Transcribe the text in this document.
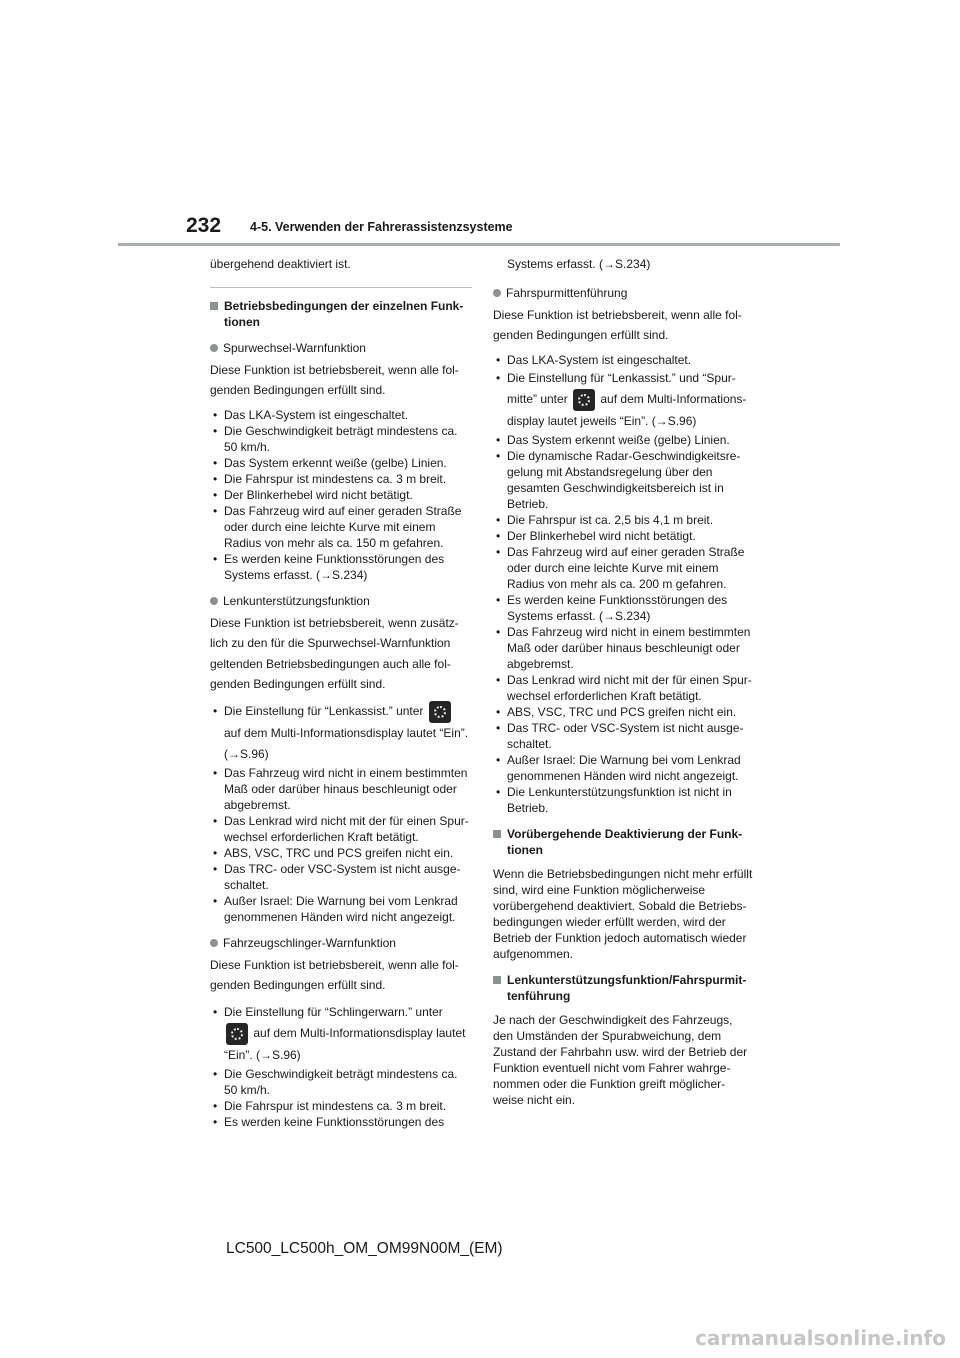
232 4-5. Verwenden der Fahrerassistenzsysteme

übergehend deaktiviert ist.

Betriebsbedingungen der einzelnen Funk-tionen
Spurwechsel-Warnfunktion

Diese Funktion ist betriebsbereit, wenn alle fol-genden Bedingungen erfüllt sind.

• Das LKA-System ist eingeschaltet.
• Die Geschwindigkeit beträgt mindestens ca. 50 km/h.
• Das System erkennt weiße (gelbe) Linien.
• Die Fahrspur ist mindestens ca. 3 m breit.
• Der Blinkerhebel wird nicht betätigt.
• Das Fahrzeug wird auf einer geraden Straße oder durch eine leichte Kurve mit einem Radius von mehr als ca. 150 m gefahren.
• Es werden keine Funktionsstörungen des Systems erfasst. (→S.234)
Lenkunterstützungsfunktion

Diese Funktion ist betriebsbereit, wenn zusätz-lich zu den für die Spurwechsel-Warnfunktion geltenden Betriebsbedingungen auch alle fol-genden Bedingungen erfüllt sind.

• Die Einstellung für “Lenkassist.” unter  auf dem Multi-Informationsdisplay lautet “Ein”. (→S.96)
• Das Fahrzeug wird nicht in einem bestimmten Maß oder darüber hinaus beschleunigt oder abgebremst.
• Das Lenkrad wird nicht mit der für einen Spur-wechsel erforderlichen Kraft betätigt.
• ABS, VSC, TRC und PCS greifen nicht ein.
• Das TRC- oder VSC-System ist nicht ausge-schaltet.
• Außer Israel: Die Warnung bei vom Lenkrad genommenen Händen wird nicht angezeigt.
Fahrzeugschlinger-Warnfunktion

Diese Funktion ist betriebsbereit, wenn alle fol-genden Bedingungen erfüllt sind.

• Die Einstellung für “Schlingerwarn.” unter  auf dem Multi-Informationsdisplay lautet “Ein”. (→S.96)
• Die Geschwindigkeit beträgt mindestens ca. 50 km/h.
• Die Fahrspur ist mindestens ca. 3 m breit.
• Es werden keine Funktionsstörungen des

Systems erfasst. (→S.234)

Fahrspurmittenführung

Diese Funktion ist betriebsbereit, wenn alle fol-genden Bedingungen erfüllt sind.

• Das LKA-System ist eingeschaltet.
• Die Einstellung für “Lenkassist.” und “Spur-mitte” unter	auf dem Multi-Informations-display lautet jeweils “Ein”. (→S.96)
• Das System erkennt weiße (gelbe) Linien.
• Die dynamische Radar-Geschwindigkeitsre-gelung mit Abstandsregelung über den gesamten Geschwindigkeitsbereich ist in Betrieb.
• Die Fahrspur ist ca. 2,5 bis 4,1 m breit.
• Der Blinkerhebel wird nicht betätigt.
• Das Fahrzeug wird auf einer geraden Straße oder durch eine leichte Kurve mit einem Radius von mehr als ca. 200 m gefahren.
• Es werden keine Funktionsstörungen des Systems erfasst. (→S.234)
• Das Fahrzeug wird nicht in einem bestimmten Maß oder darüber hinaus beschleunigt oder abgebremst.
• Das Lenkrad wird nicht mit der für einen Spur-wechsel erforderlichen Kraft betätigt.
• ABS, VSC, TRC und PCS greifen nicht ein.
• Das TRC- oder VSC-System ist nicht ausge-schaltet.
• Außer Israel: Die Warnung bei vom Lenkrad genommenen Händen wird nicht angezeigt.
• Die Lenkunterstützungsfunktion ist nicht in Betrieb.
Vorübergehende Deaktivierung der Funk-tionen

Wenn die Betriebsbedingungen nicht mehr erfüllt sind, wird eine Funktion möglicherweise vorübergehend deaktiviert. Sobald die Betriebs-bedingungen wieder erfüllt werden, wird der Betrieb der Funktion jedoch automatisch wieder aufgenommen.

Lenkunterstützungsfunktion/Fahrspurmit-tenführung

Je nach der Geschwindigkeit des Fahrzeugs, den Umständen der Spurabweichung, dem Zustand der Fahrbahn usw. wird der Betrieb der Funktion eventuell nicht vom Fahrer wahrge-nommen oder die Funktion greift möglicher-weise nicht ein.

LC500_LC500h_OM_OM99N00M_(EM)
carmanualsonline.info
